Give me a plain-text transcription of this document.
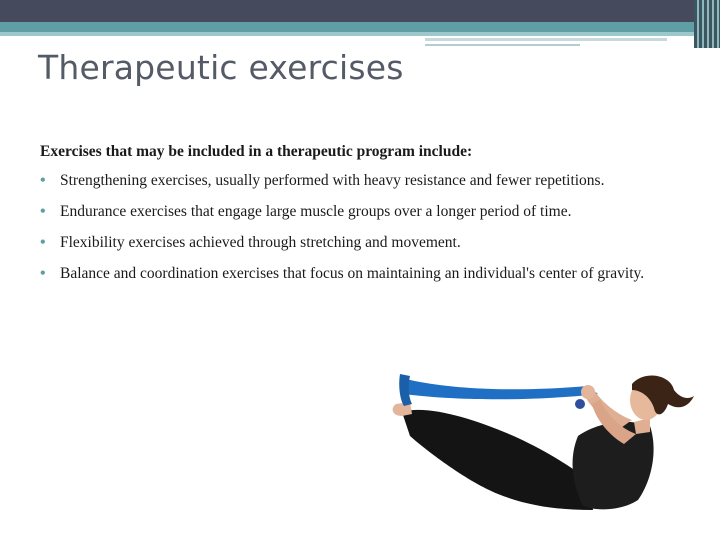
Therapeutic exercises

Exercises that may be included in a therapeutic program include:

• Strengthening exercises, usually performed with heavy resistance and fewer repetitions.
• Endurance exercises that engage large muscle groups over a longer period of time.
• Flexibility exercises achieved through stretching and movement.
• Balance and coordination exercises that focus on maintaining an individual's center of gravity.
